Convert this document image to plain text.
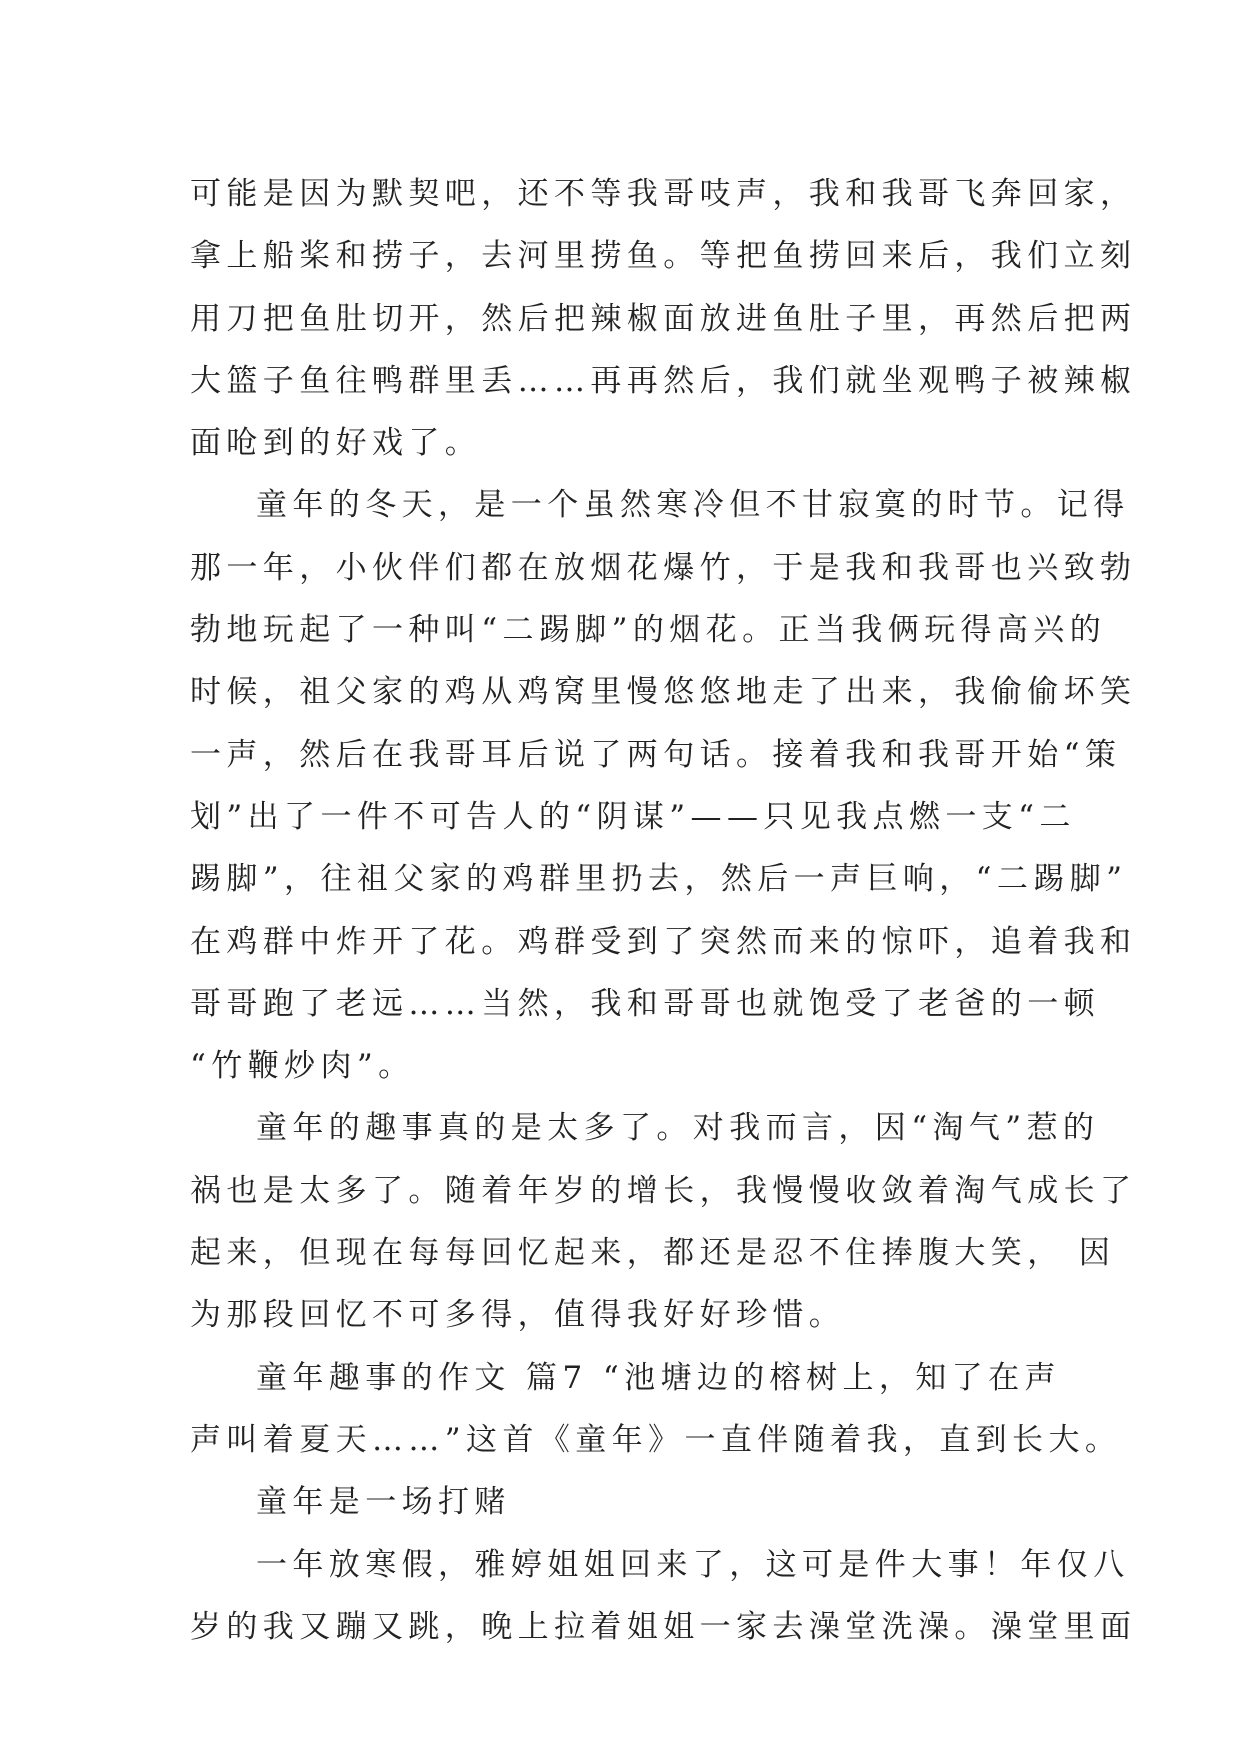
可能是因为默契吧，还不等我哥吱声，我和我哥飞奔回家，
拿上船桨和捞子，去河里捞鱼。等把鱼捞回来后，我们立刻
用刀把鱼肚切开，然后把辣椒面放进鱼肚子里，再然后把两
大篮子鱼往鸭群里丢……再再然后，我们就坐观鸭子被辣椒
面呛到的好戏了。
童年的冬天，是一个虽然寒冷但不甘寂寞的时节。记得
那一年，小伙伴们都在放烟花爆竹，于是我和我哥也兴致勃
勃地玩起了一种叫“二踢脚”的烟花。正当我俩玩得高兴的
时候，祖父家的鸡从鸡窝里慢悠悠地走了出来，我偷偷坏笑
一声，然后在我哥耳后说了两句话。接着我和我哥开始“策
划”出了一件不可告人的“阴谋”——只见我点燃一支“二
踢脚”，往祖父家的鸡群里扔去，然后一声巨响，“二踢脚”
在鸡群中炸开了花。鸡群受到了突然而来的惊吓，追着我和
哥哥跑了老远……当然，我和哥哥也就饱受了老爸的一顿
“竹鞭炒肉”。
童年的趣事真的是太多了。对我而言，因“淘气”惹的
祸也是太多了。随着年岁的增长，我慢慢收敛着淘气成长了
起来，但现在每每回忆起来，都还是忍不住捧腹大笑， 因
为那段回忆不可多得，值得我好好珍惜。
童年趣事的作文 篇7 “池塘边的榕树上，知了在声
声叫着夏天……”这首《童年》一直伴随着我，直到长大。
童年是一场打赌
一年放寒假，雅婷姐姐回来了，这可是件大事！年仅八
岁的我又蹦又跳，晚上拉着姐姐一家去澡堂洗澡。澡堂里面
